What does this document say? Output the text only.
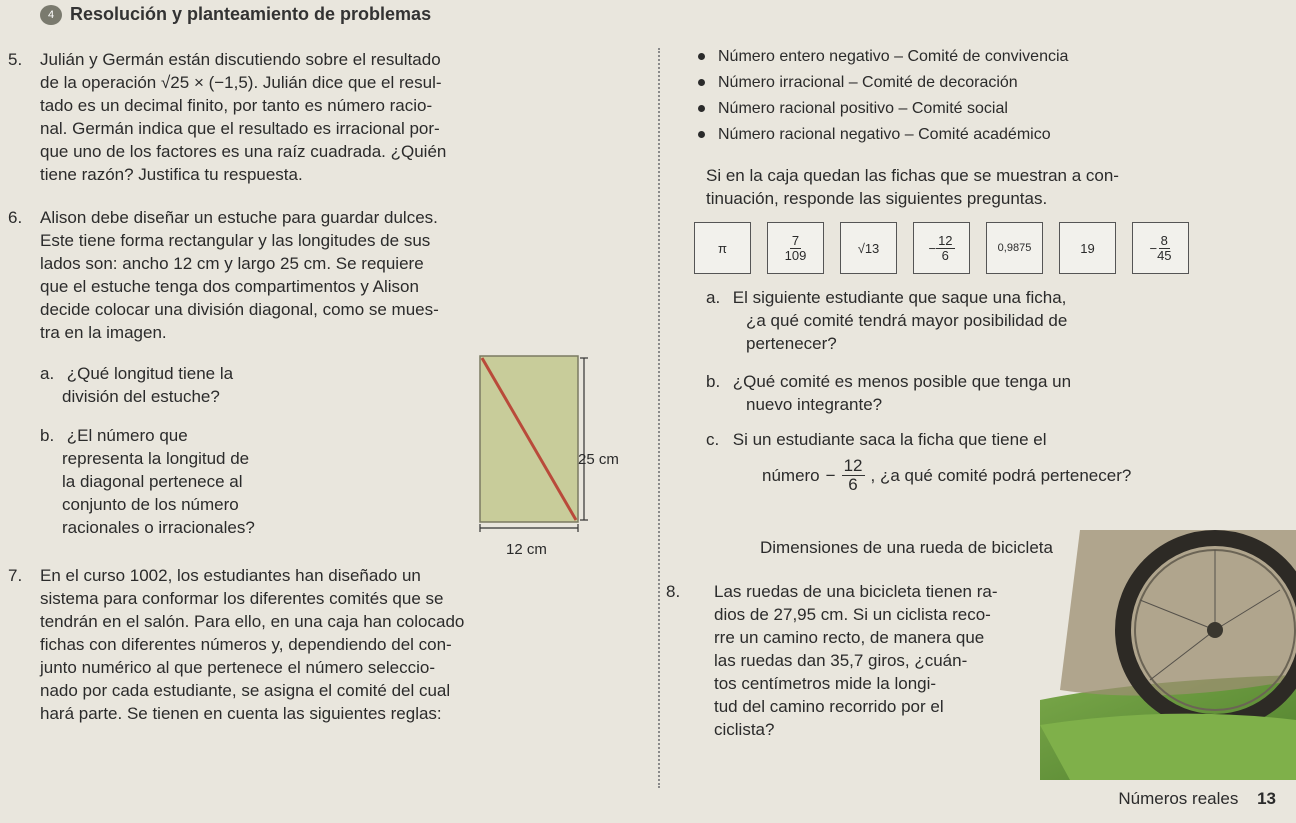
4 Resolución y planteamiento de problemas
5.	Julián y Germán están discutiendo sobre el resultado
de la operación √25 × (−1,5). Julián dice que el resul-
tado es un decimal finito, por tanto es número racio-
nal. Germán indica que el resultado es irracional por-
que uno de los factores es una raíz cuadrada. ¿Quién
tiene razón? Justifica tu respuesta.
6.	Alison debe diseñar un estuche para guardar dulces.
Este tiene forma rectangular y las longitudes de sus
lados son: ancho 12 cm y largo 25 cm. Se requiere
que el estuche tenga dos compartimentos y Alison
decide colocar una división diagonal, como se mues-
tra en la imagen.
a. ¿Qué longitud tiene la
división del estuche?
b. ¿El número que
representa la longitud de
la diagonal pertenece al
conjunto de los número
racionales o irracionales?
25 cm
12 cm
7.	En el curso 1002, los estudiantes han diseñado un
sistema para conformar los diferentes comités que se
tendrán en el salón. Para ello, en una caja han colocado
fichas con diferentes números y, dependiendo del con-
junto numérico al que pertenece el número seleccio-
nado por cada estudiante, se asigna el comité del cual
hará parte. Se tienen en cuenta las siguientes reglas:
Número entero negativo – Comité de convivencia
Número irracional – Comité de decoración
Número racional positivo – Comité social
Número racional negativo – Comité académico
Si en la caja quedan las fichas que se muestran a con-
tinuación, responde las siguientes preguntas.
π	$\frac{7}{109}$	√13	− $\frac{12}{6}$	0,9875	19	− $\frac{8}{45}$
a. El siguiente estudiante que saque una ficha,
¿a qué comité tendrá mayor posibilidad de
pertenecer?
b. ¿Qué comité es menos posible que tenga un
nuevo integrante?
c. Si un estudiante saca la ficha que tiene el
número − $\frac{12}{6}$ , ¿a qué comité podrá pertenecer?
Dimensiones de una rueda de bicicleta
8.	Las ruedas de una bicicleta tienen ra-
dios de 27,95 cm. Si un ciclista reco-
rre un camino recto, de manera que
las ruedas dan 35,7 giros, ¿cuán-
tos centímetros mide la longi-
tud del camino recorrido por el
ciclista?
Números reales 13
